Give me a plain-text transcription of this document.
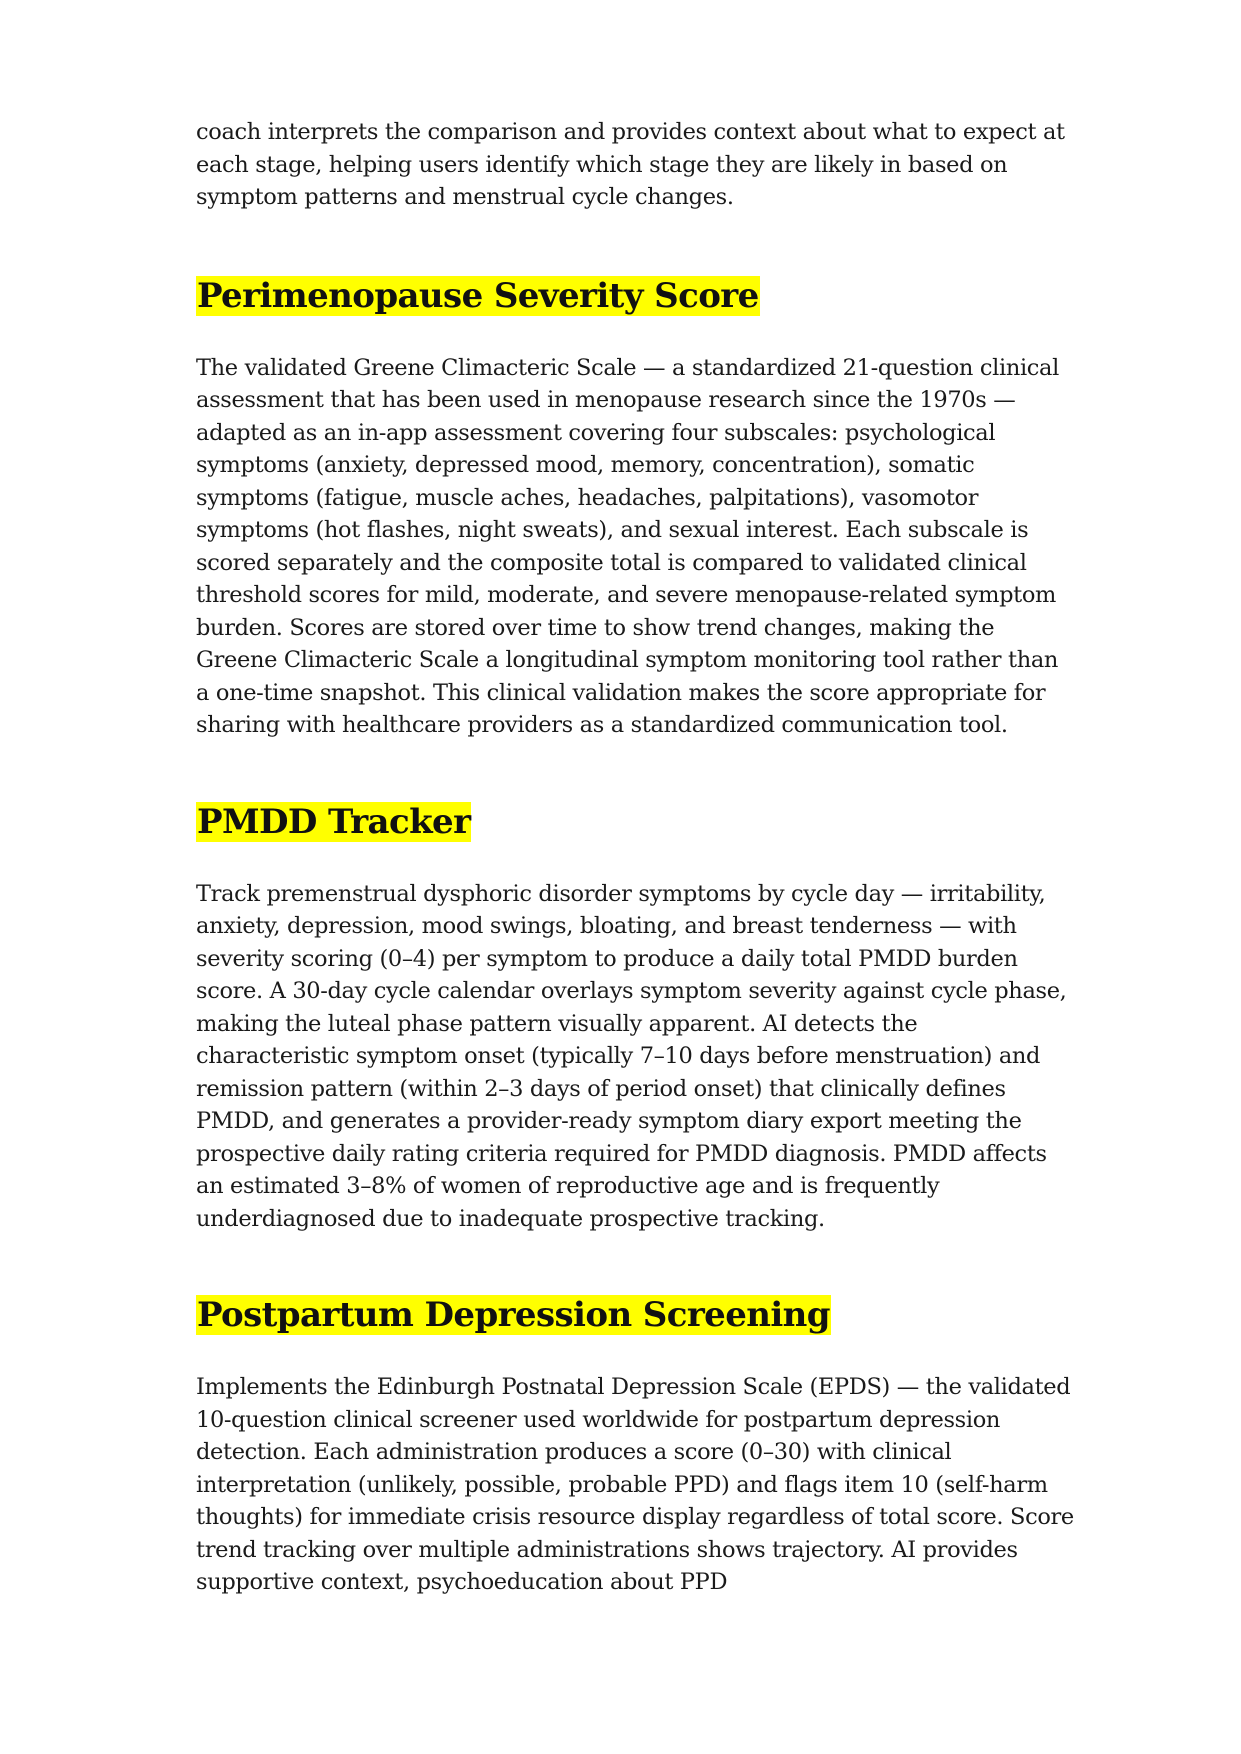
coach interprets the comparison and provides context about what to expect at each stage, helping users identify which stage they are likely in based on symptom patterns and menstrual cycle changes.

Perimenopause Severity Score

The validated Greene Climacteric Scale — a standardized 21-question clinical assessment that has been used in menopause research since the 1970s — adapted as an in-app assessment covering four subscales: psychological symptoms (anxiety, depressed mood, memory, concentration), somatic symptoms (fatigue, muscle aches, headaches, palpitations), vasomotor symptoms (hot flashes, night sweats), and sexual interest. Each subscale is scored separately and the composite total is compared to validated clinical threshold scores for mild, moderate, and severe menopause-related symptom burden. Scores are stored over time to show trend changes, making the Greene Climacteric Scale a longitudinal symptom monitoring tool rather than a one-time snapshot. This clinical validation makes the score appropriate for sharing with healthcare providers as a standardized communication tool.

PMDD Tracker

Track premenstrual dysphoric disorder symptoms by cycle day — irritability, anxiety, depression, mood swings, bloating, and breast tenderness — with severity scoring (0–4) per symptom to produce a daily total PMDD burden score. A 30-day cycle calendar overlays symptom severity against cycle phase, making the luteal phase pattern visually apparent. AI detects the characteristic symptom onset (typically 7–10 days before menstruation) and remission pattern (within 2–3 days of period onset) that clinically defines PMDD, and generates a provider-ready symptom diary export meeting the prospective daily rating criteria required for PMDD diagnosis. PMDD affects an estimated 3–8% of women of reproductive age and is frequently underdiagnosed due to inadequate prospective tracking.

Postpartum Depression Screening

Implements the Edinburgh Postnatal Depression Scale (EPDS) — the validated 10-question clinical screener used worldwide for postpartum depression detection. Each administration produces a score (0–30) with clinical interpretation (unlikely, possible, probable PPD) and flags item 10 (self-harm thoughts) for immediate crisis resource display regardless of total score. Score trend tracking over multiple administrations shows trajectory. AI provides supportive context, psychoeducation about PPD
